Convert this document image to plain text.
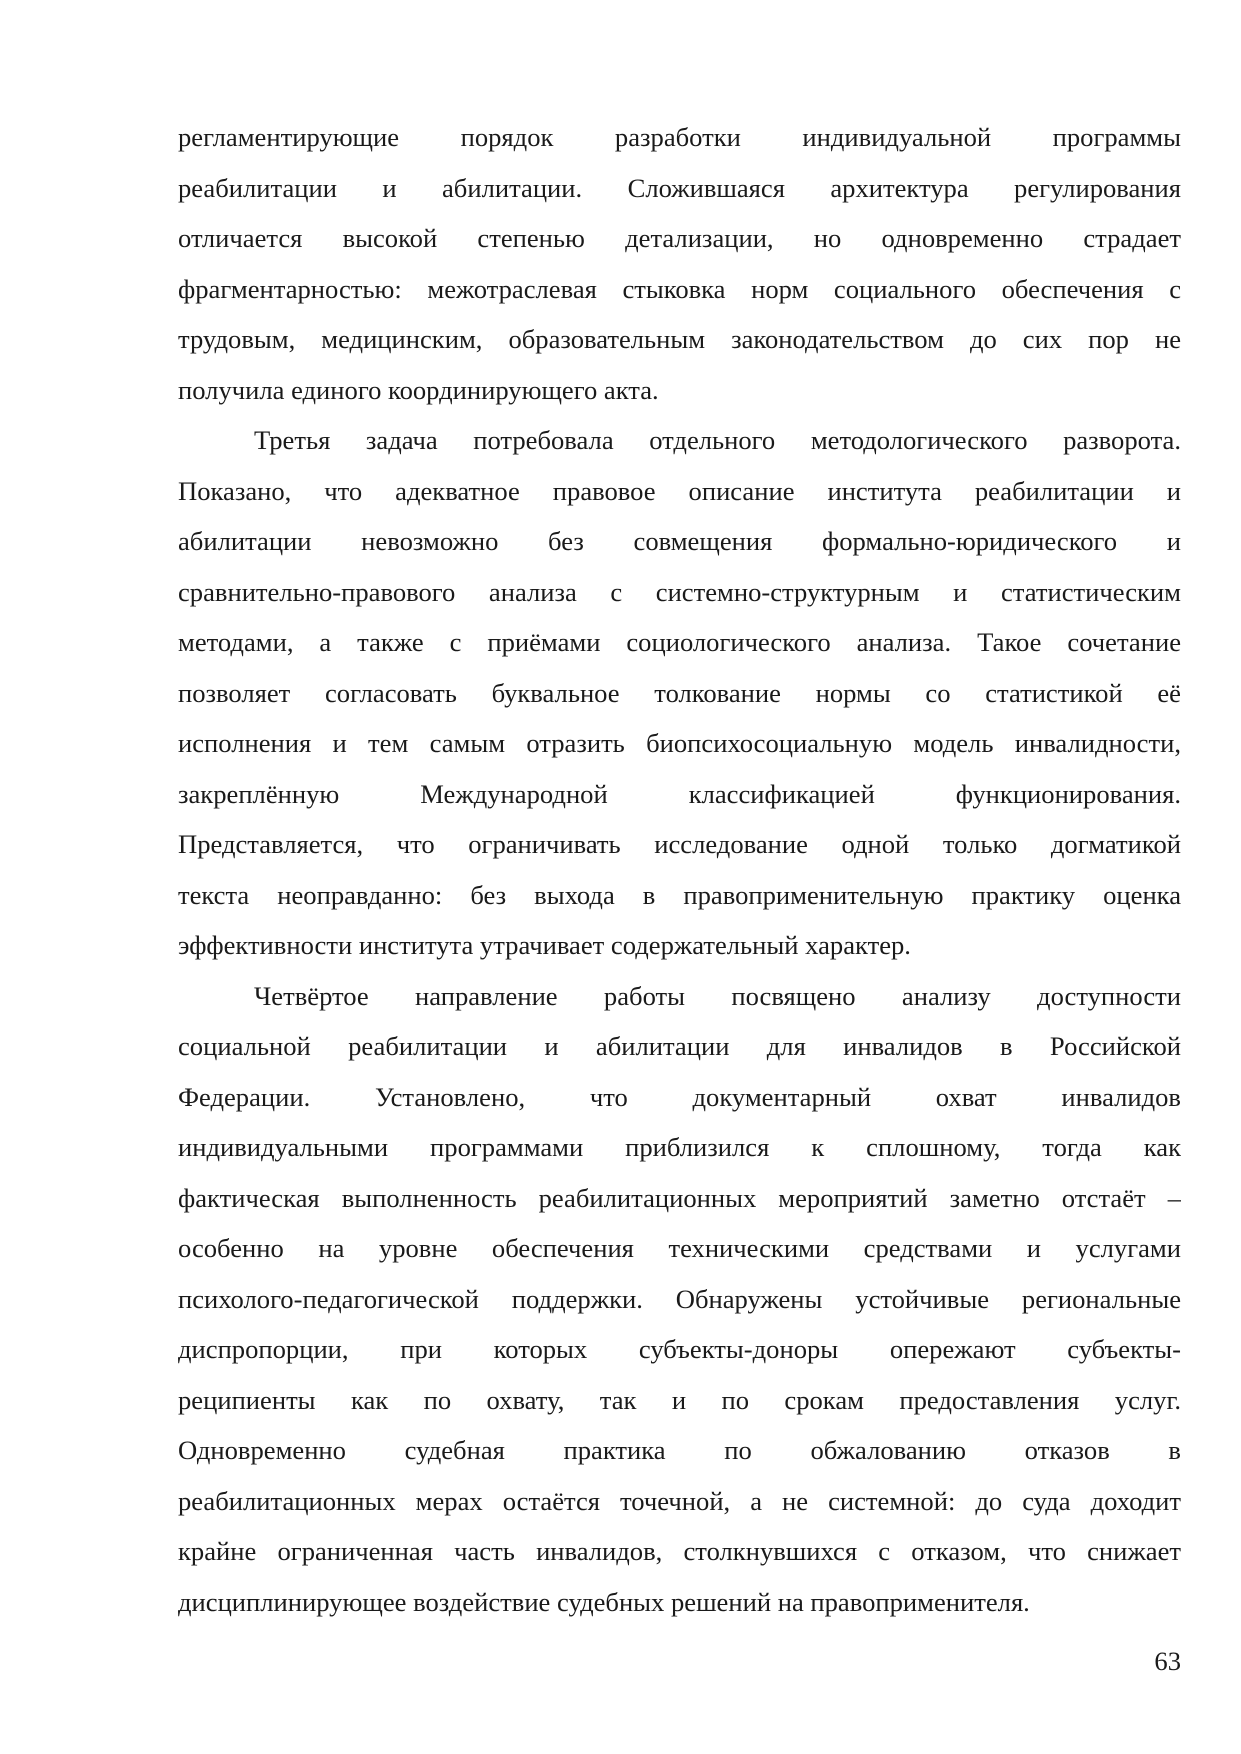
регламентирующие порядок разработки индивидуальной программы
реабилитации и абилитации. Сложившаяся архитектура регулирования
отличается высокой степенью детализации, но одновременно страдает
фрагментарностью: межотраслевая стыковка норм социального обеспечения с
трудовым, медицинским, образовательным законодательством до сих пор не
получила единого координирующего акта.
Третья задача потребовала отдельного методологического разворота.
Показано, что адекватное правовое описание института реабилитации и
абилитации невозможно без совмещения формально-юридического и
сравнительно-правового анализа с системно-структурным и статистическим
методами, а также с приёмами социологического анализа. Такое сочетание
позволяет согласовать буквальное толкование нормы со статистикой её
исполнения и тем самым отразить биопсихосоциальную модель инвалидности,
закреплённую Международной классификацией функционирования.
Представляется, что ограничивать исследование одной только догматикой
текста неоправданно: без выхода в правоприменительную практику оценка
эффективности института утрачивает содержательный характер.
Четвёртое направление работы посвящено анализу доступности
социальной реабилитации и абилитации для инвалидов в Российской
Федерации. Установлено, что документарный охват инвалидов
индивидуальными программами приблизился к сплошному, тогда как
фактическая выполненность реабилитационных мероприятий заметно отстаёт –
особенно на уровне обеспечения техническими средствами и услугами
психолого-педагогической поддержки. Обнаружены устойчивые региональные
диспропорции, при которых субъекты-доноры опережают субъекты-
реципиенты как по охвату, так и по срокам предоставления услуг.
Одновременно судебная практика по обжалованию отказов в
реабилитационных мерах остаётся точечной, а не системной: до суда доходит
крайне ограниченная часть инвалидов, столкнувшихся с отказом, что снижает
дисциплинирующее воздействие судебных решений на правоприменителя.
63
